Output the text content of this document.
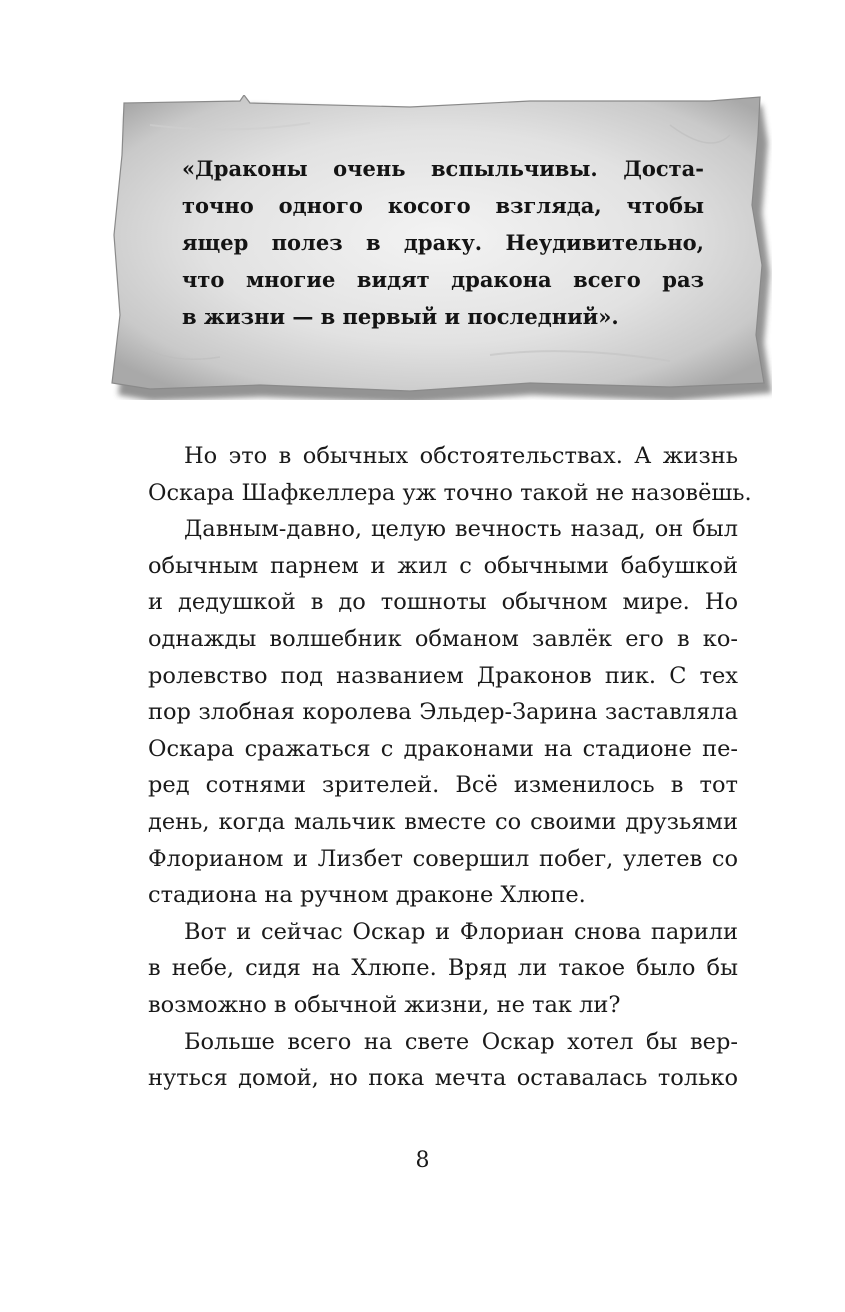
«Драконы очень вспыльчивы. Доста-
точно одного косого взгляда, чтобы
ящер полез в драку. Неудивительно,
что многие видят дракона всего раз
в жизни — в первый и последний».
Но это в обычных обстоятельствах. А жизнь
Оскара Шафкеллера уж точно такой не назовёшь.
Давным-давно, целую вечность назад, он был
обычным парнем и жил с обычными бабушкой
и дедушкой в до тошноты обычном мире. Но
однажды волшебник обманом завлёк его в ко-
ролевство под названием Драконов пик. С тех
пор злобная королева Эльдер-Зарина заставляла
Оскара сражаться с драконами на стадионе пе-
ред сотнями зрителей. Всё изменилось в тот
день, когда мальчик вместе со своими друзьями
Флорианом и Лизбет совершил побег, улетев со
стадиона на ручном драконе Хлюпе.
Вот и сейчас Оскар и Флориан снова парили
в небе, сидя на Хлюпе. Вряд ли такое было бы
возможно в обычной жизни, не так ли?
Больше всего на свете Оскар хотел бы вер-
нуться домой, но пока мечта оставалась только
8
